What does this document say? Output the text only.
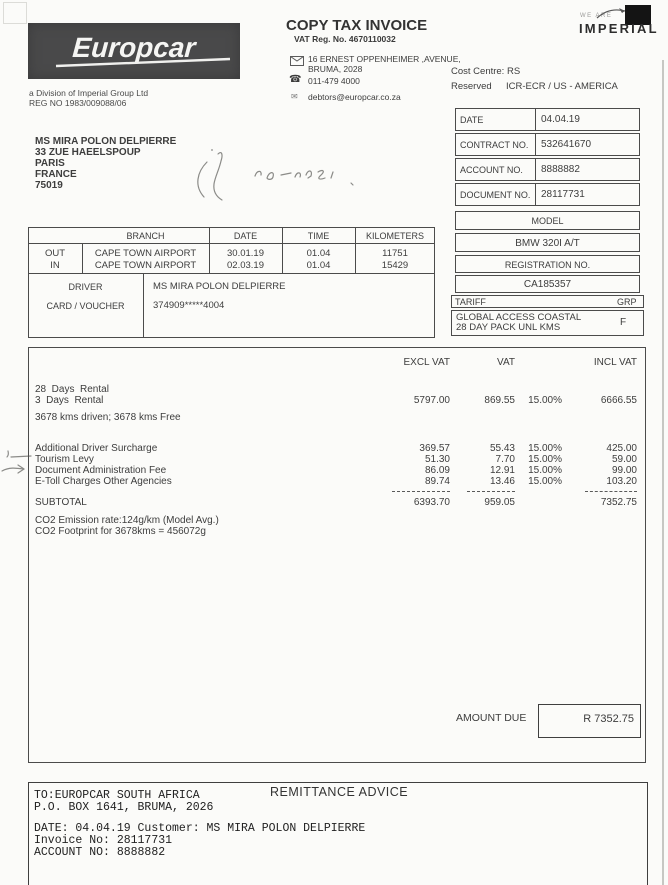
Europcar
a Division of Imperial Group Ltd
REG NO 1983/009088/06
COPY TAX INVOICE
VAT Reg. No. 4670110032
16 ERNEST OPPENHEIMER ,AVENUE,
BRUMA, 2028
☎ 011-479 4000
✉ debtors@europcar.co.za
WE ARE
IMPERIAL
Cost Centre: RS
Reserved ICR-ECR / US - AMERICA
MS MIRA POLON DELPIERRE
33 ZUE HAEELSPOUP
PARIS
FRANCE
75019
DATE	04.04.19
CONTRACT NO. 532641670
ACCOUNT NO. 8888882
DOCUMENT NO. 28117731
MODEL
BMW 320I A/T
REGISTRATION NO.
CA185357
TARIFF	GRP
GLOBAL ACCESS COASTAL
28 DAY PACK UNL KMS	F
BRANCH	DATE	TIME	KILOMETERS
OUT	CAPE TOWN AIRPORT	30.01.19	01.04	11751
IN	CAPE TOWN AIRPORT	02.03.19	01.04	15429
DRIVER	MS MIRA POLON DELPIERRE
CARD / VOUCHER	374909*****4004
EXCL VAT	VAT	INCL VAT
28  Days  Rental
3  Days  Rental	5797.00	869.55 15.00%	6666.55
3678 kms driven; 3678 kms Free
Additional Driver Surcharge	369.57	55.43 15.00%	425.00
Tourism Levy	51.30	7.70 15.00%	59.00
Document Administration Fee	86.09	12.91 15.00%	99.00
E-Toll Charges Other Agencies	89.74	13.46 15.00%	103.20
SUBTOTAL	6393.70	959.05	7352.75
CO2 Emission rate:124g/km (Model Avg.)
CO2 Footprint for 3678kms = 456072g
AMOUNT DUE	R 7352.75
TO:EUROPCAR SOUTH AFRICA
P.O. BOX 1641, BRUMA, 2026
REMITTANCE ADVICE
DATE: 04.04.19 Customer: MS MIRA POLON DELPIERRE
Invoice No: 28117731
ACCOUNT NO: 8888882
